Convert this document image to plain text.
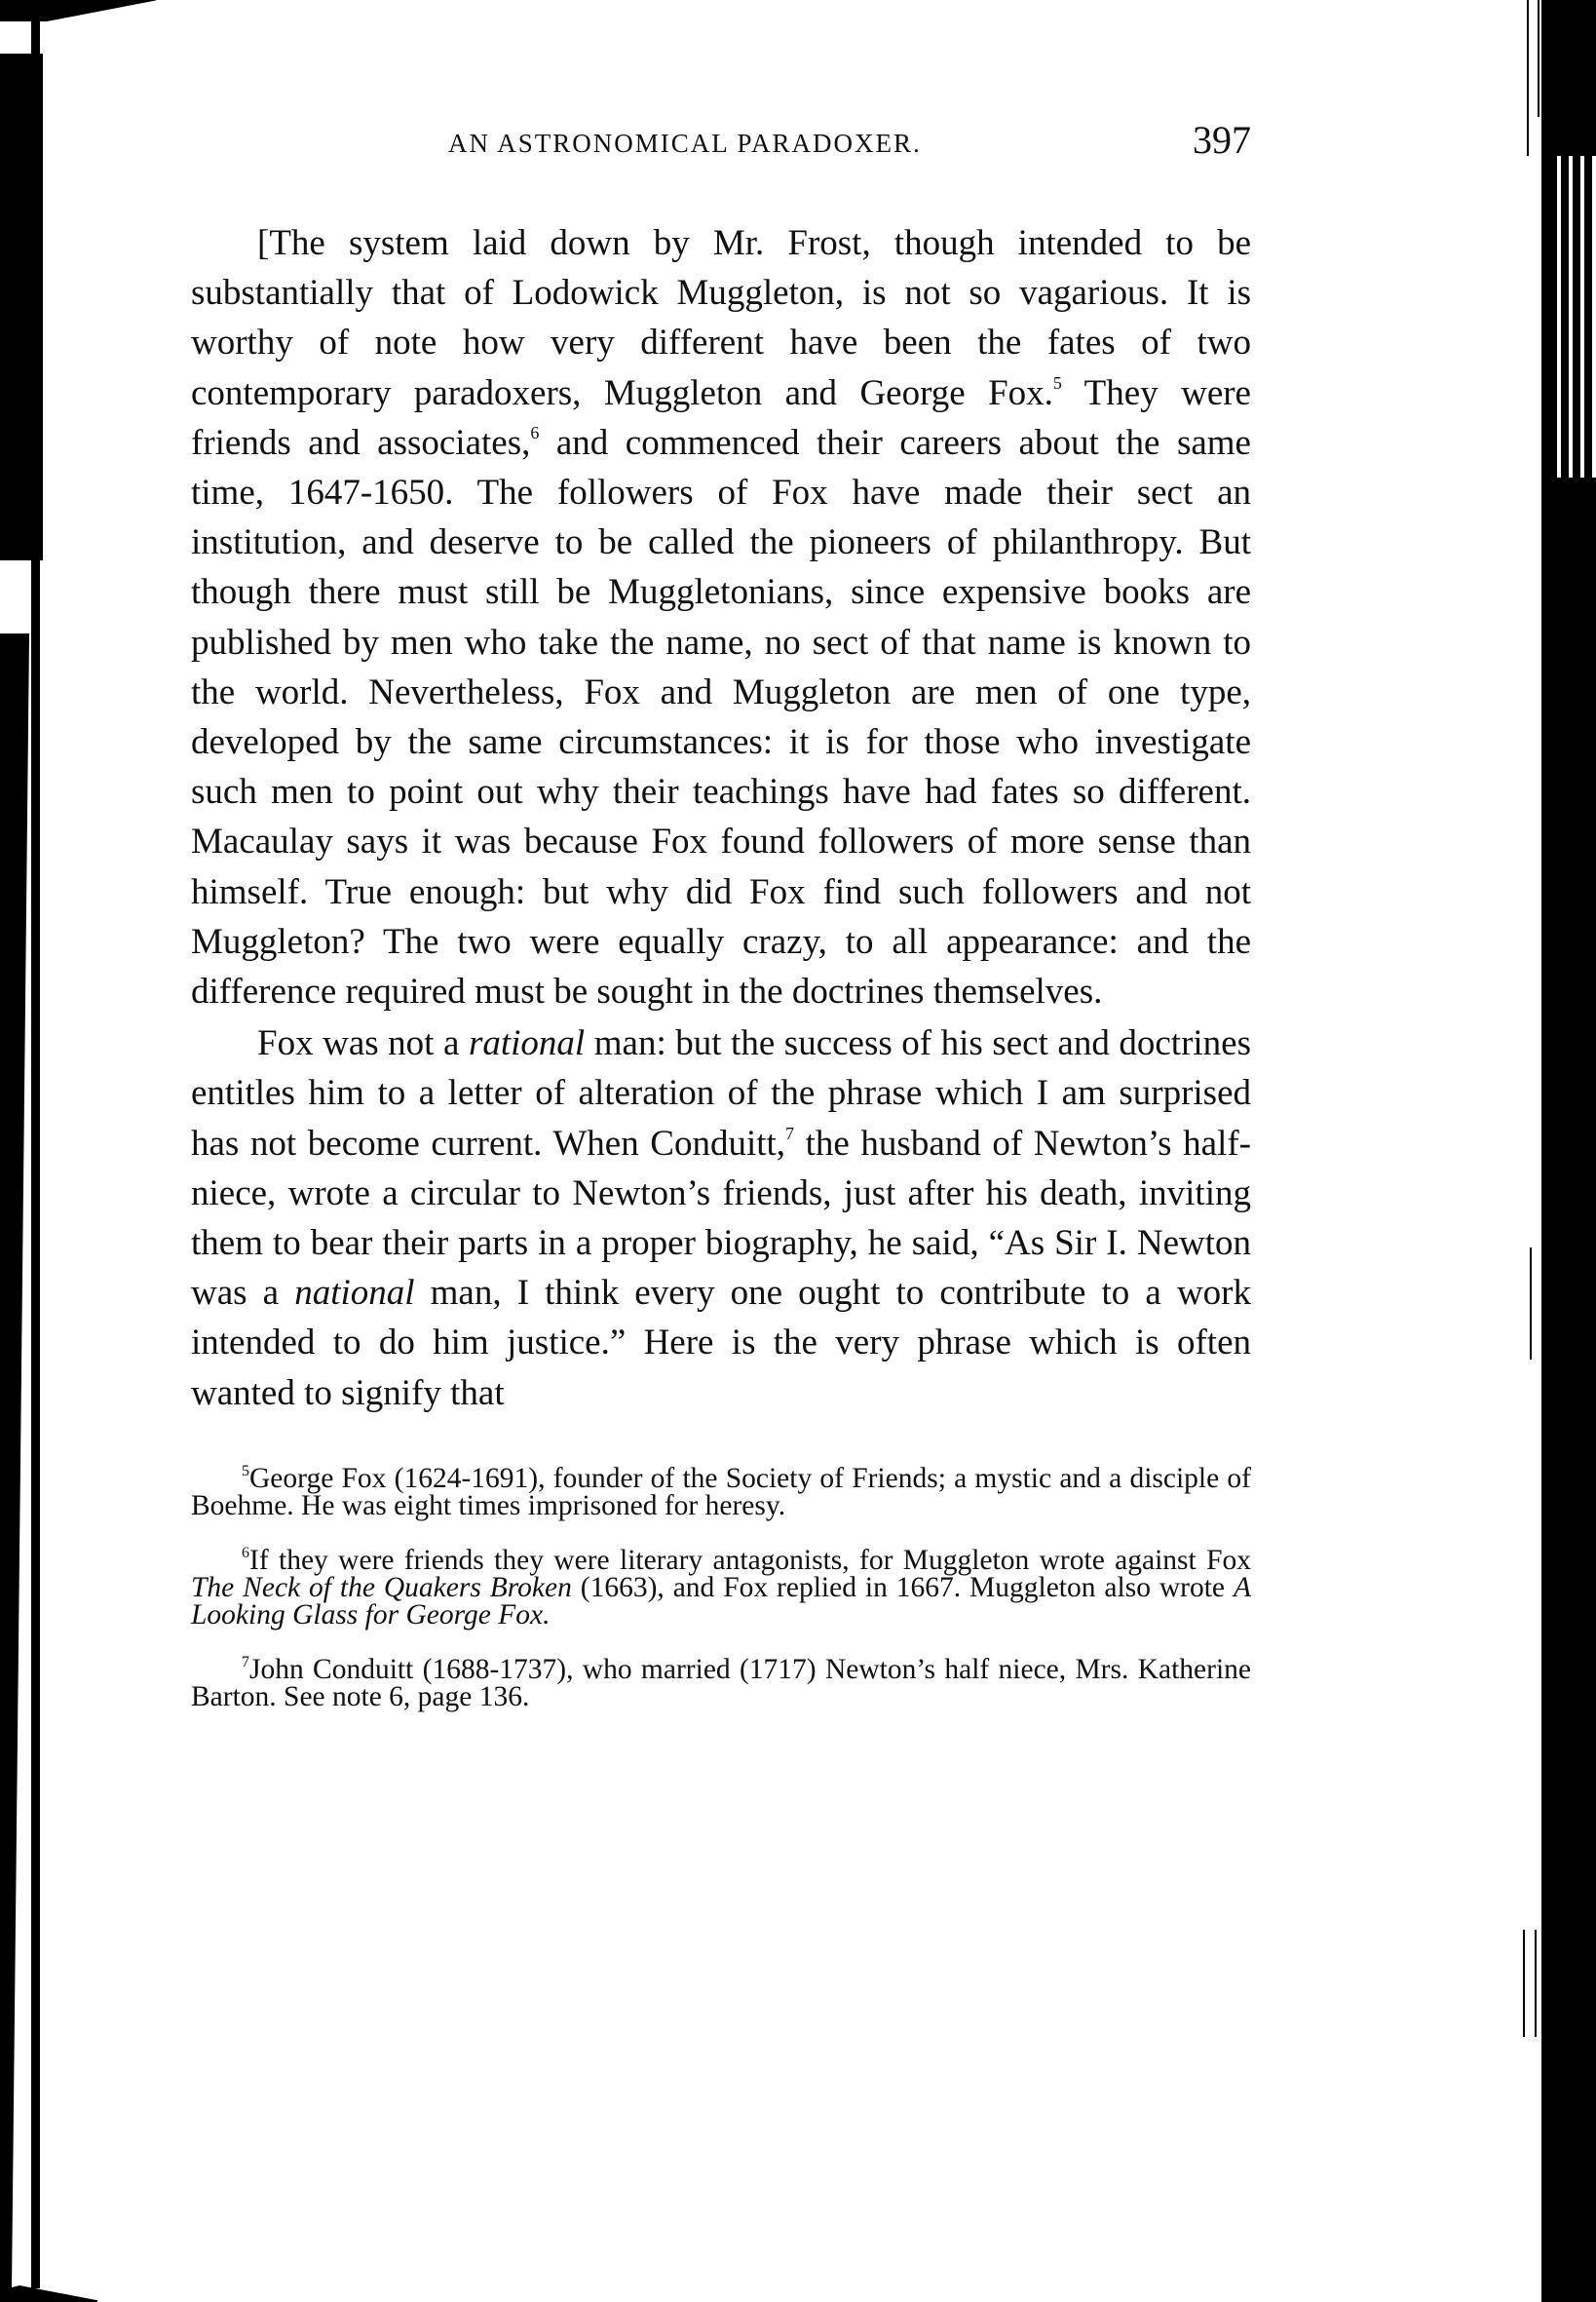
AN ASTRONOMICAL PARADOXER.	397

[The system laid down by Mr. Frost, though intended to be substantially that of Lodowick Muggleton, is not so vagarious. It is worthy of note how very different have been the fates of two contemporary paradoxers, Muggleton and George Fox.$^5$ They were friends and associates,$^6$ and commenced their careers about the same time, 1647-1650. The followers of Fox have made their sect an institution, and deserve to be called the pioneers of philanthropy. But though there must still be Muggletonians, since expensive books are published by men who take the name, no sect of that name is known to the world. Nevertheless, Fox and Muggleton are men of one type, developed by the same circumstances: it is for those who investigate such men to point out why their teachings have had fates so different. Macaulay says it was because Fox found followers of more sense than himself. True enough: but why did Fox find such followers and not Muggleton? The two were equally crazy, to all appearance: and the difference required must be sought in the doctrines themselves.

Fox was not a rational man: but the success of his sect and doctrines entitles him to a letter of alteration of the phrase which I am surprised has not become current. When Conduitt,$^7$ the husband of Newton’s half-niece, wrote a circular to Newton’s friends, just after his death, inviting them to bear their parts in a proper biography, he said, “As Sir I. Newton was a national man, I think every one ought to contribute to a work intended to do him justice.” Here is the very phrase which is often wanted to signify that

$^5$George Fox (1624-1691), founder of the Society of Friends; a mystic and a disciple of Boehme. He was eight times imprisoned for heresy.

$^6$If they were friends they were literary antagonists, for Muggleton wrote against Fox The Neck of the Quakers Broken (1663), and Fox replied in 1667. Muggleton also wrote A Looking Glass for George Fox.

$^7$John Conduitt (1688-1737), who married (1717) Newton’s half niece, Mrs. Katherine Barton. See note 6, page 136.
